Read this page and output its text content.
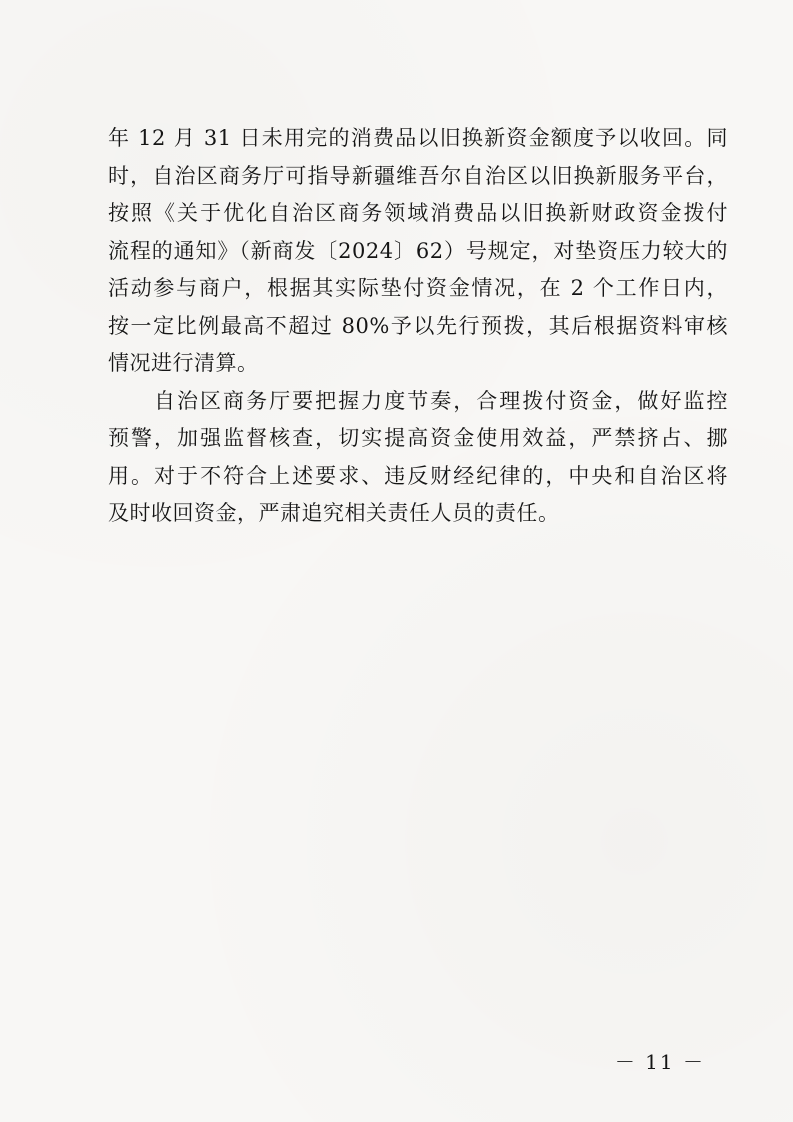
年 12 月 31 日未用完的消费品以旧换新资金额度予以收回。同
时，自治区商务厅可指导新疆维吾尔自治区以旧换新服务平台，
按照《关于优化自治区商务领域消费品以旧换新财政资金拨付
流程的通知》（新商发〔2024〕62）号规定，对垫资压力较大的
活动参与商户，根据其实际垫付资金情况，在 2 个工作日内，
按一定比例最高不超过 80%予以先行预拨，其后根据资料审核
情况进行清算。
自治区商务厅要把握力度节奏，合理拨付资金，做好监控
预警，加强监督核查，切实提高资金使用效益，严禁挤占、挪
用。对于不符合上述要求、违反财经纪律的，中央和自治区将
及时收回资金，严肃追究相关责任人员的责任。
－ 11 －
